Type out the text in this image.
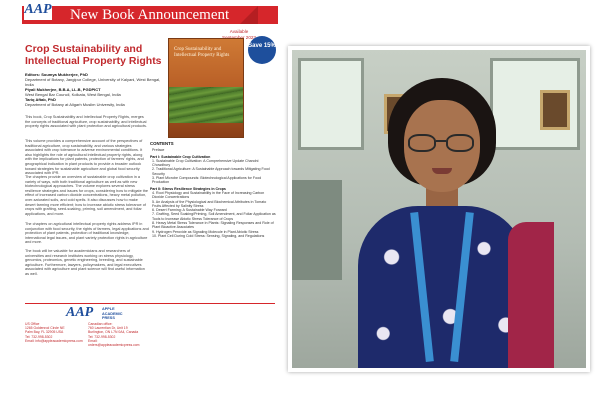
AAP New Book Announcement
Available
2023
Crop Sustainability and Intellectual Property Rights
Editors: Soumya Mukherjee, PhD
Department of Botany, Jangipur College, University of Kalyani, West Bengal, India
Piyali Mukherjee, B.B.A, LL.B, PGDPICT
West Bengal Bar Council, Kolkata, West Bengal, India
Tariq Aftab, PhD
Department of Botany at Aligarh Muslim University, India

This book, Crop Sustainability and Intellectual Property Rights, merges the concepts of traditional agriculture, crop sustainability, and intellectual property rights associated with plant protection and agricultural products.

This volume provides a comprehensive account of the perspectives of traditional agriculture, crop sustainability, and various strategies associated with crop tolerance to adverse environmental conditions. It also highlights the role of agricultural intellectual property rights, along with the implications for plant patents, protection of farmers' rights, and geographical indication in plant products to provide a broader outlook toward strategies for sustainable agriculture and global food security associated with IPR.

The chapters provide an overview of sustainable crop cultivation in a variety of ways, with both traditional agriculture as well as with new biotechnological approaches. The volume explores several stress resilience strategies and issues for crops, considering how to mitigate the effect of increased carbon dioxide concentrations, heavy metal pollution, over-saturated soils, and cold spells. It also discusses how to make desert farming more efficient; how to increase abiotic stress tolerance of crops with grafting, seed-soaking, priming, soil amendment, and foliar applications, and more.

The chapters on agricultural intellectual property rights address IPR in conjunction with food security, the rights of farmers, legal applications and protection of plant patents, protection of traditional knowledge, international legal issues, and plant variety protection rights in agriculture and more.

The book will be valuable for academicians and researchers of universities and research institutes working on stress physiology, genomics, proteomics, genetic engineering, breeding, and sustainable agriculture. Furthermore, lawyers, policymakers, and legal executives associated with agriculture and plant science will find useful information as well.

Crop Sustainability and Intellectual Property Rights
Save 15%
CONTENTS
Preface
Part I: Sustainable Crop Cultivation
1. Sustainable Crop Cultivation: A Comprehensive Update Chandni Chowdhury
2. Traditional Agriculture: A Sustainable Approach towards Mitigating Food Security
3. Plant Microbe Compounds: Biotechnological Applications for Food Production
Part II: Stress Resilience Strategies in Crops
4. Root Physiology and Sustainability in the Face of Increasing Carbon Dioxide Concentrations
5. An Analysis of the Physiological and Biochemical Attributes in Tomato Fruits Affected by Salinity Stress
6. Desert Farming: A Sustainable Way Forward
7. Grafting, Seed Soaking/Priming, Soil Amendment, and Foliar Application as Tools to Increase Abiotic Stress Tolerance of Crops
8. Heavy Metal Stress Tolerance in Plants: Signaling Responses and Role of Plant Bioactive Associates
9. Hydrogen Peroxide as Signaling Molecule in Plant Abiotic Stress
10. Plant Cell During Cold Stress: Sensing, Signaling, and Regulations
AAP APPLE ACADEMIC PRESS
US Office
1265 Goldenrod Circle NE
Palm Bay, FL 32905 USA
Tel: 732-998-5302
Email: info@appleacademicpress.com
Canadian office:
760 Laurentian Dr, Unit 19
Burlington, ON L7N 0A4, Canada
Tel: 732-998-5302
Email: orders@appleacademicpress.com
